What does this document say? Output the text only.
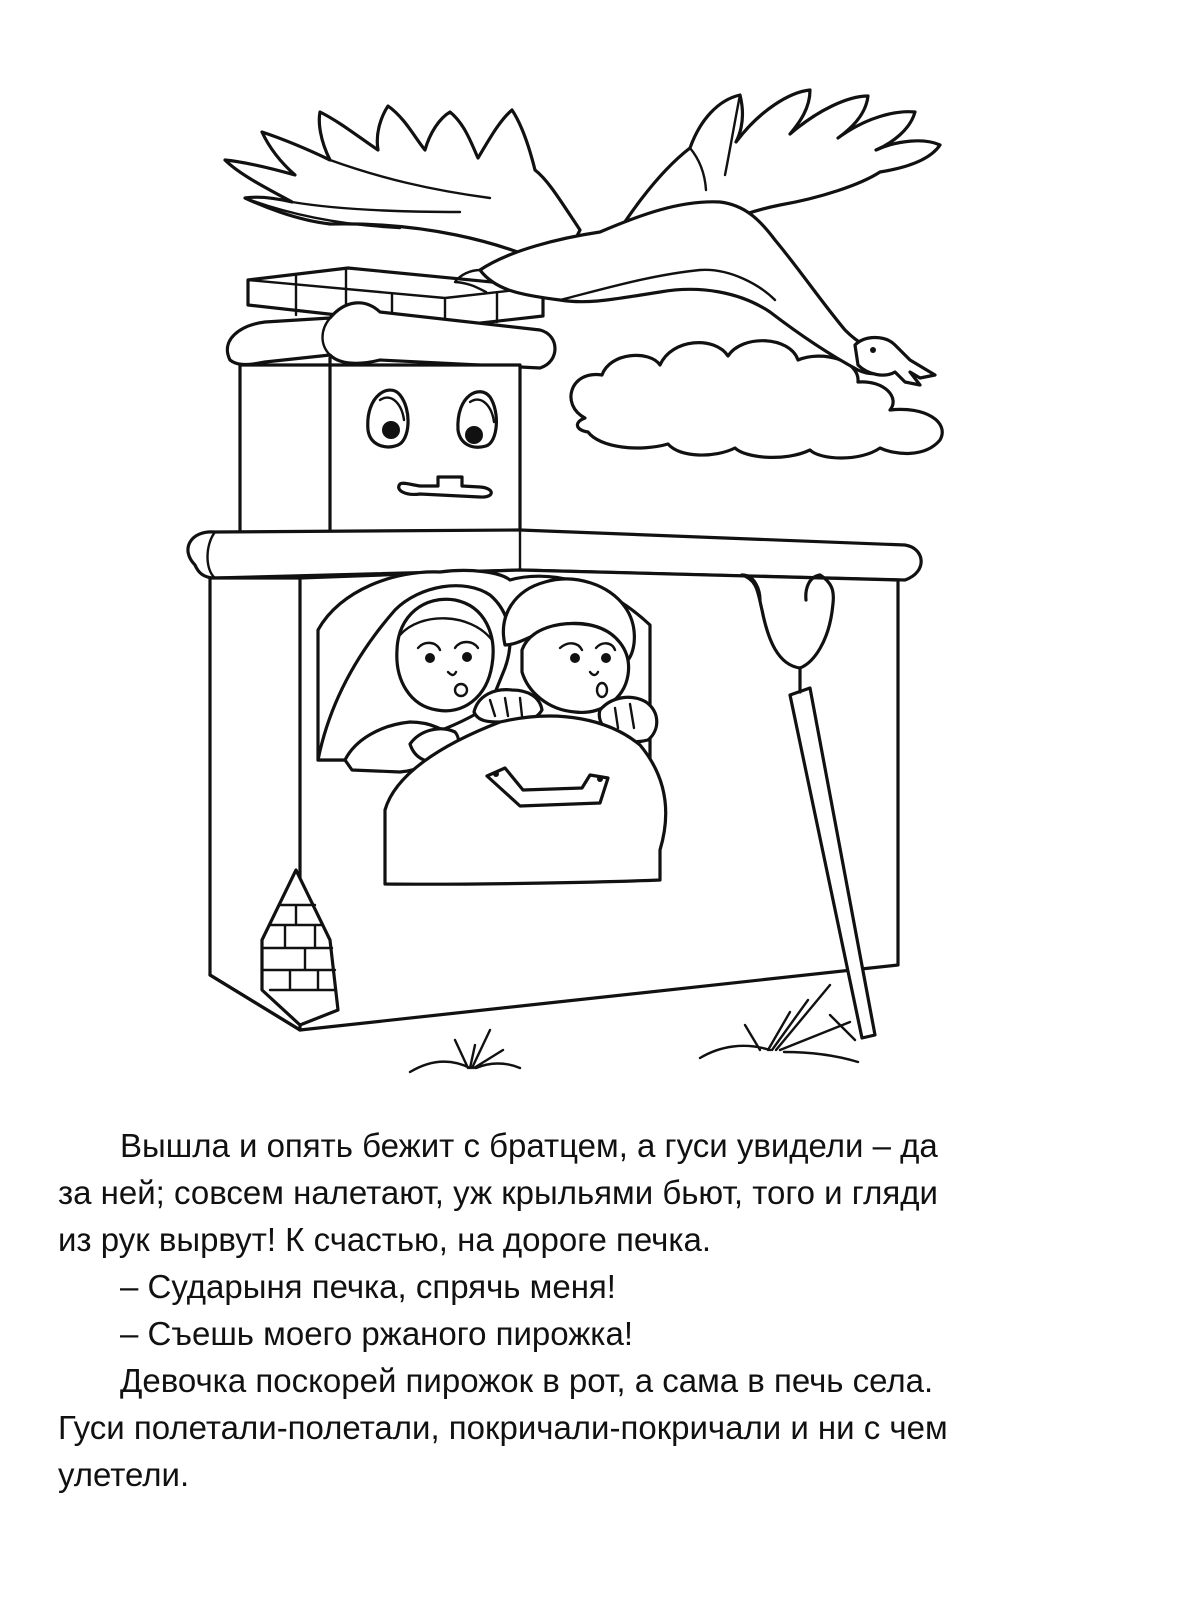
Вышла и опять бежит с братцем, а гуси увидели – да
за ней; совсем налетают, уж крыльями бьют, того и гляди
из рук вырвут! К счастью, на дороге печка.
– Сударыня печка, спрячь меня!
– Съешь моего ржаного пирожка!
Девочка поскорей пирожок в рот, а сама в печь села.
Гуси полетали-полетали, покричали-покричали и ни с чем
улетели.
